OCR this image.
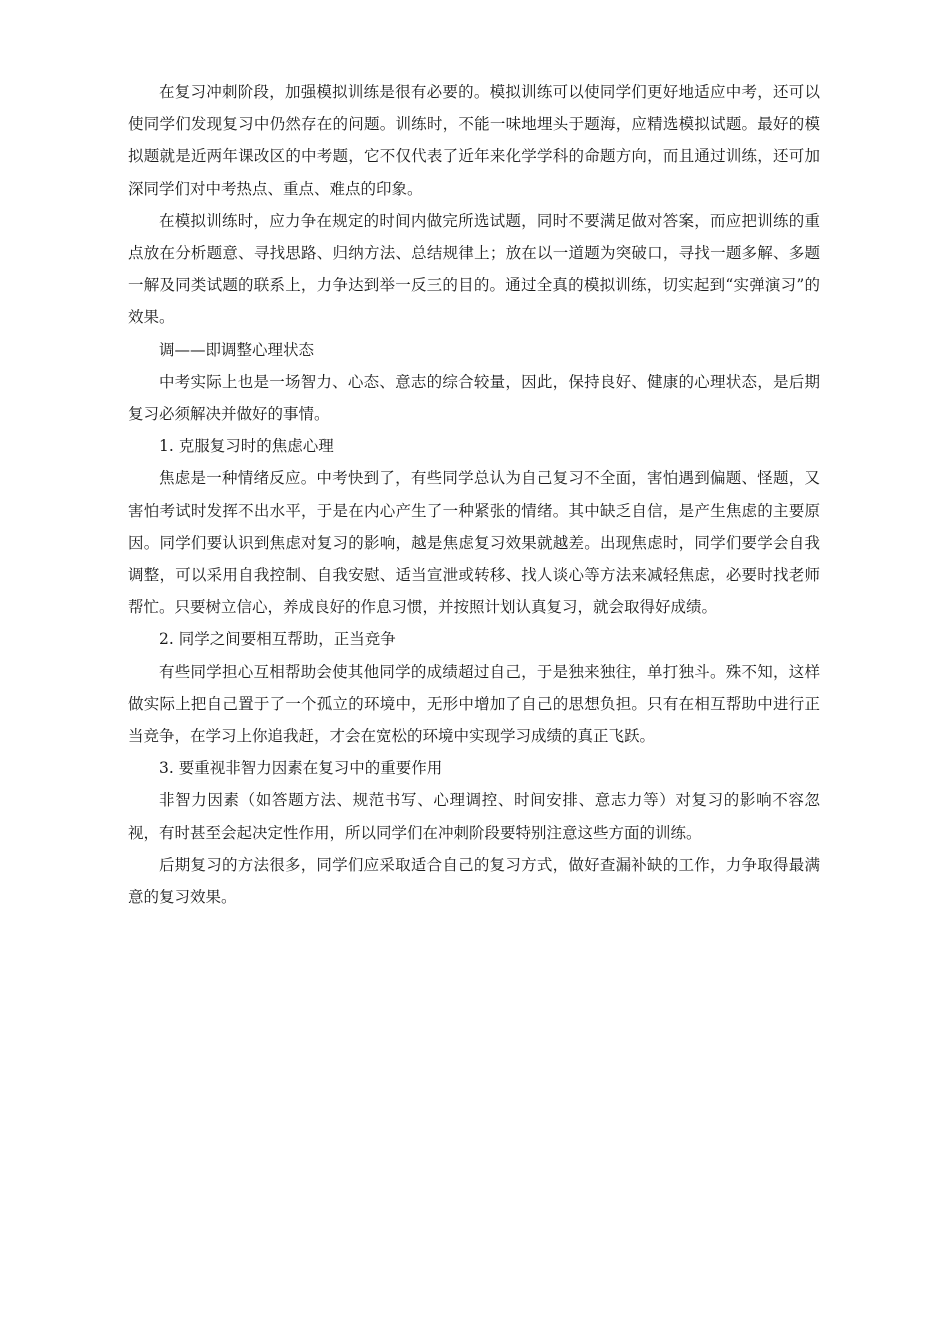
在复习冲刺阶段，加强模拟训练是很有必要的。模拟训练可以使同学们更好地适应中考，还可以使同学们发现复习中仍然存在的问题。训练时，不能一味地埋头于题海，应精选模拟试题。最好的模拟题就是近两年课改区的中考题，它不仅代表了近年来化学学科的命题方向，而且通过训练，还可加深同学们对中考热点、重点、难点的印象。

在模拟训练时，应力争在规定的时间内做完所选试题，同时不要满足做对答案，而应把训练的重点放在分析题意、寻找思路、归纳方法、总结规律上；放在以一道题为突破口，寻找一题多解、多题一解及同类试题的联系上，力争达到举一反三的目的。通过全真的模拟训练，切实起到“实弹演习”的效果。

调——即调整心理状态

中考实际上也是一场智力、心态、意志的综合较量，因此，保持良好、健康的心理状态，是后期复习必须解决并做好的事情。

1. 克服复习时的焦虑心理

焦虑是一种情绪反应。中考快到了，有些同学总认为自己复习不全面，害怕遇到偏题、怪题，又害怕考试时发挥不出水平，于是在内心产生了一种紧张的情绪。其中缺乏自信，是产生焦虑的主要原因。同学们要认识到焦虑对复习的影响，越是焦虑复习效果就越差。出现焦虑时，同学们要学会自我调整，可以采用自我控制、自我安慰、适当宣泄或转移、找人谈心等方法来减轻焦虑，必要时找老师帮忙。只要树立信心，养成良好的作息习惯，并按照计划认真复习，就会取得好成绩。

2. 同学之间要相互帮助，正当竞争

有些同学担心互相帮助会使其他同学的成绩超过自己，于是独来独往，单打独斗。殊不知，这样做实际上把自己置于了一个孤立的环境中，无形中增加了自己的思想负担。只有在相互帮助中进行正当竞争，在学习上你追我赶，才会在宽松的环境中实现学习成绩的真正飞跃。

3. 要重视非智力因素在复习中的重要作用

非智力因素（如答题方法、规范书写、心理调控、时间安排、意志力等）对复习的影响不容忽视，有时甚至会起决定性作用，所以同学们在冲刺阶段要特别注意这些方面的训练。

后期复习的方法很多，同学们应采取适合自己的复习方式，做好查漏补缺的工作，力争取得最满意的复习效果。
